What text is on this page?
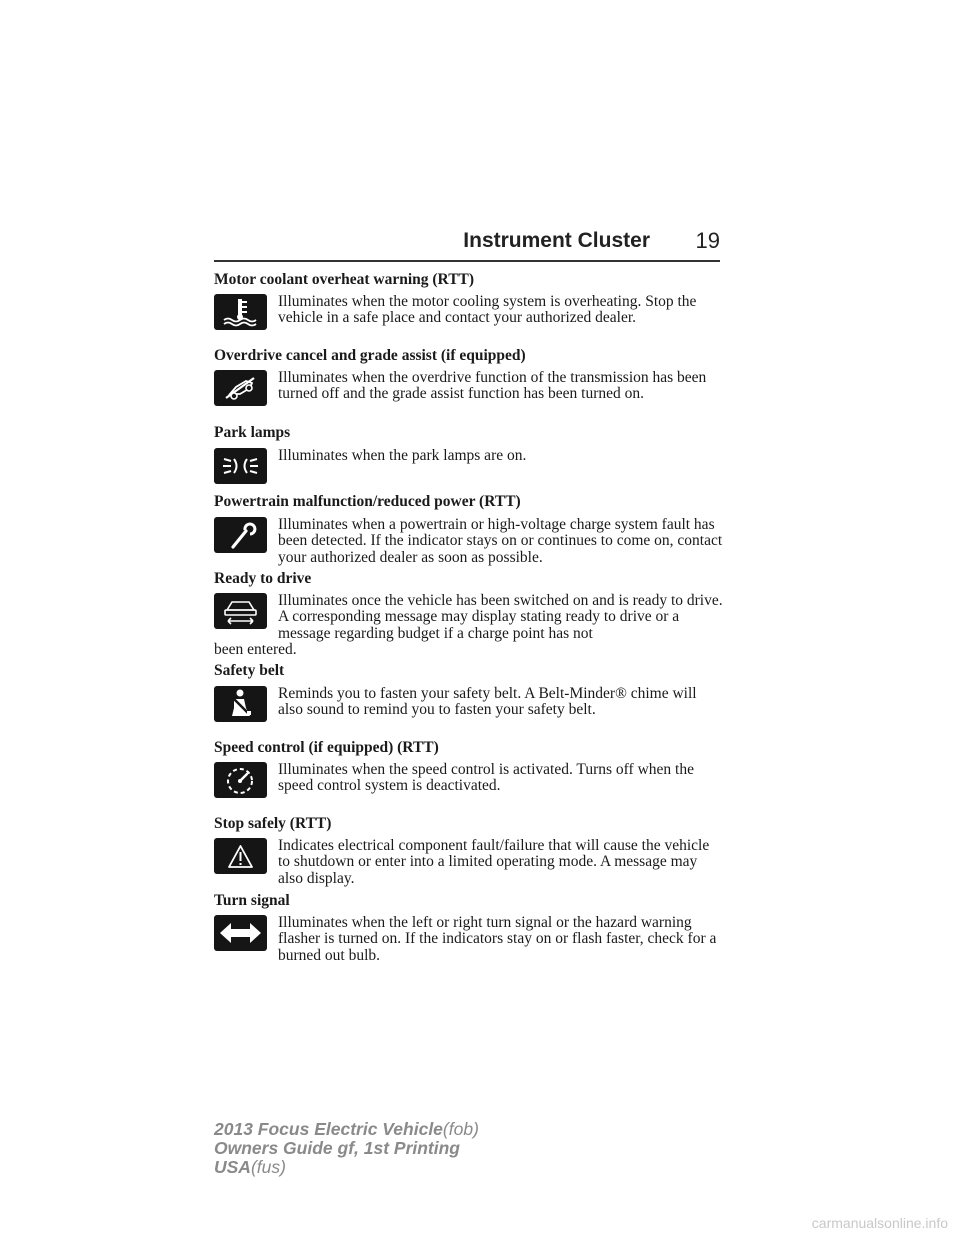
Instrument Cluster 19
Motor coolant overheat warning (RTT)
Illuminates when the motor cooling system is overheating. Stop the vehicle in a safe place and contact your authorized dealer.
Overdrive cancel and grade assist (if equipped)
Illuminates when the overdrive function of the transmission has been turned off and the grade assist function has been turned on.
Park lamps
Illuminates when the park lamps are on.
Powertrain malfunction/reduced power (RTT)
Illuminates when a powertrain or high-voltage charge system fault has been detected. If the indicator stays on or continues to come on, contact your authorized dealer as soon as possible.
Ready to drive
Illuminates once the vehicle has been switched on and is ready to drive. A corresponding message may display stating ready to drive or a message regarding budget if a charge point has not
been entered.
Safety belt
Reminds you to fasten your safety belt. A Belt-Minder® chime will also sound to remind you to fasten your safety belt.
Speed control (if equipped) (RTT)
Illuminates when the speed control is activated. Turns off when the speed control system is deactivated.
Stop safely (RTT)
Indicates electrical component fault/failure that will cause the vehicle to shutdown or enter into a limited operating mode. A message may also display.
Turn signal
Illuminates when the left or right turn signal or the hazard warning flasher is turned on. If the indicators stay on or flash faster, check for a burned out bulb.
2013 Focus Electric Vehicle(fob)
Owners Guide gf, 1st Printing
USA(fus)
carmanualsonline.info
